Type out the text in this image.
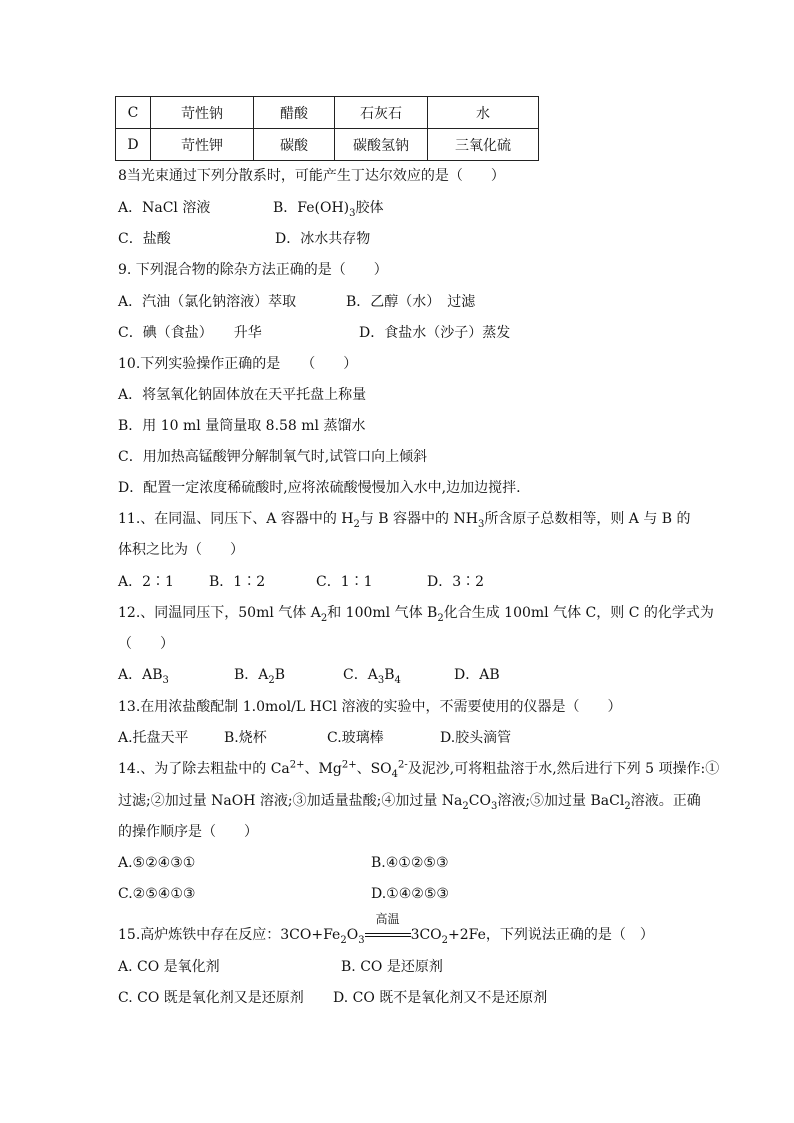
C	苛性钠	醋酸	石灰石	水
D	苛性钾	碳酸	碳酸氢钠	三氧化硫
8当光束通过下列分散系时，可能产生丁达尔效应的是（　　）
A．NaCl 溶液	B．$Fe(OH)_3$胶体
C．盐酸	D．冰水共存物
9. 下列混合物的除杂方法正确的是（　　）
A．汽油（氯化钠溶液）萃取	B．乙醇（水）　过滤
C．碘（食盐）　　升华	D．食盐水（沙子）蒸发
10.下列实验操作正确的是　　（　　）
A．将氢氧化钠固体放在天平托盘上称量
B．用 10 ml 量筒量取 8.58 ml 蒸馏水
C．用加热高锰酸钾分解制氧气时,试管口向上倾斜
D．配置一定浓度稀硫酸时,应将浓硫酸慢慢加入水中,边加边搅拌.
11.、在同温、同压下、A 容器中的 $H_2$与 B 容器中的 $NH_3$所含原子总数相等，则 A 与 B 的
体积之比为（　　）
A．2∶1	B．1∶2	C．1∶1	D．3∶2
12.、同温同压下，50ml 气体 $A_2$和 100ml 气体 $B_2$化合生成 100ml 气体 C，则 C 的化学式为
（　　）
A．$AB_3$	B．$A_2B$	C．$A_3B_4$	D．AB
13.在用浓盐酸配制 1.0mol/L HCl 溶液的实验中，不需要使用的仪器是（　　）
A.托盘天平	B.烧杯	C.玻璃棒	D.胶头滴管
14.、为了除去粗盐中的 $Ca^{2+}$、$Mg^{2+}$、$SO_4^{2-}$及泥沙,可将粗盐溶于水,然后进行下列 5 项操作:①
过滤;②加过量 NaOH 溶液;③加适量盐酸;④加过量 $Na_2CO_3$溶液;⑤加过量 BaCl$_2$溶液。正确
的操作顺序是（　　）
A.⑤②④③①	B.④①②⑤③
C.②⑤④①③	D.①④②⑤③
15.高炉炼铁中存在反应：$3CO+Fe_2O_3$
高温
$3CO_2+2Fe$，下列说法正确的是（　）
A. CO 是氧化剂	B. CO 是还原剂
C. CO 既是氧化剂又是还原剂 D. CO 既不是氧化剂又不是还原剂
